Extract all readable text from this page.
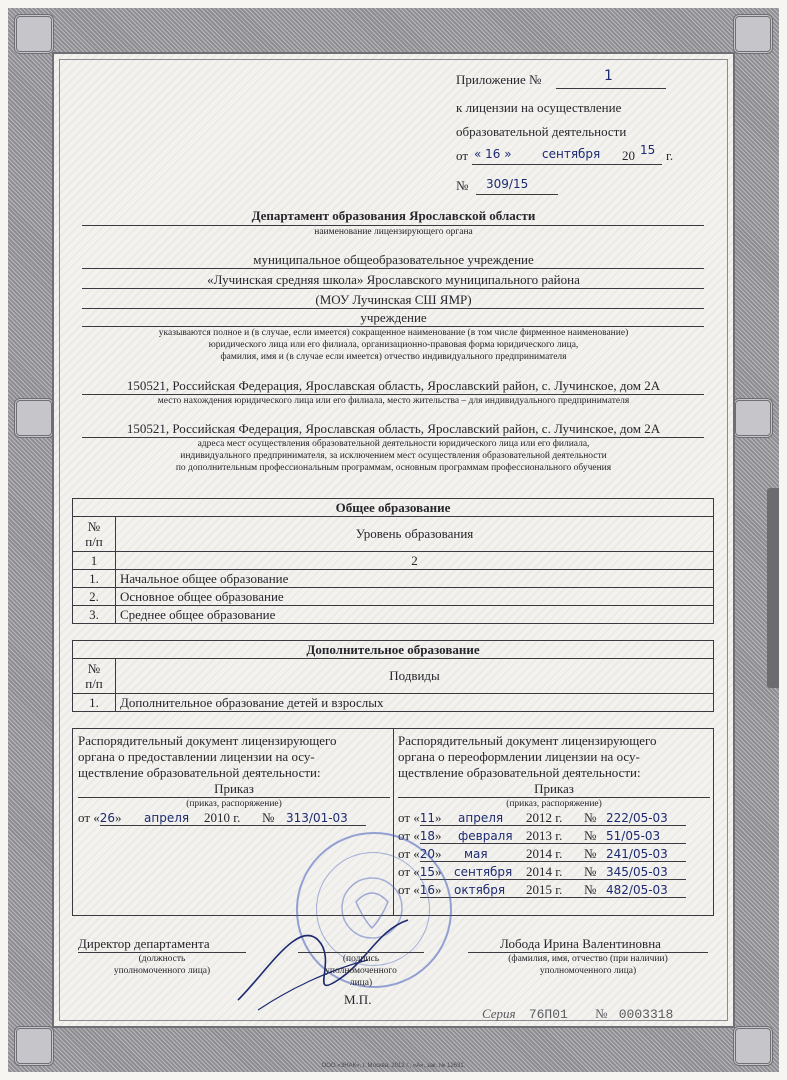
Приложение №	1
к лицензии на осуществление
образовательной деятельности
от « 16 »	сентября 20 15 г.
№ 309/15
Департамент образования Ярославской области
наименование лицензирующего органа
муниципальное общеобразовательное учреждение
«Лучинская средняя школа» Ярославского муниципального района
(МОУ Лучинская СШ ЯМР)
учреждение
указываются полное и (в случае, если имеется) сокращенное наименование (в том числе фирменное наименование)
юридического лица или его филиала, организационно-правовая форма юридического лица,
фамилия, имя и (в случае если имеется) отчество индивидуального предпринимателя
150521, Российская Федерация, Ярославская область, Ярославский район, с. Лучинское, дом 2А
место нахождения юридического лица или его филиала, место жительства – для индивидуального предпринимателя
150521, Российская Федерация, Ярославская область, Ярославский район, с. Лучинское, дом 2А
адреса мест осуществления образовательной деятельности юридического лица или его филиала,
индивидуального предпринимателя, за исключением мест осуществления образовательной деятельности
по дополнительным профессиональным программам, основным программам профессионального обучения
Общее образование	
№
п/п	Уровень образования
1	2
1.	Начальное общее образование
2.	Основное общее образование
3.	Среднее общее образование
Дополнительное образование	
№
п/п	Подвиды
1.	Дополнительное образование детей и взрослых
Распорядительный документ лицензирующего
органа о предоставлении лицензии на осу-
ществление образовательной деятельности:
Приказ
(приказ, распоряжение)
от «26» апреля 2010 г. № 313/01-03
Распорядительный документ лицензирующего
органа о переоформлении лицензии на осу-
ществление образовательной деятельности:
Приказ
(приказ, распоряжение)
от «11» апреля 2012 г. № 222/05-03
от «18» февраля 2013 г. № 51/05-03
от «20» мая	2014 г. № 241/05-03
от «15» сентября 2014 г. № 345/05-03
от «16» октября 2015 г. № 482/05-03
Директор департамента
(должность
уполномоченного лица)
(подпись
уполномоченного
лица)
М.П.
Лобода Ирина Валентиновна
(фамилия, имя, отчество (при наличии)
уполномоченного лица)
Серия 76П01 № 0003318
ООО «ЗНАК», г. Москва, 2012 г., «А», зак. № 12631.
